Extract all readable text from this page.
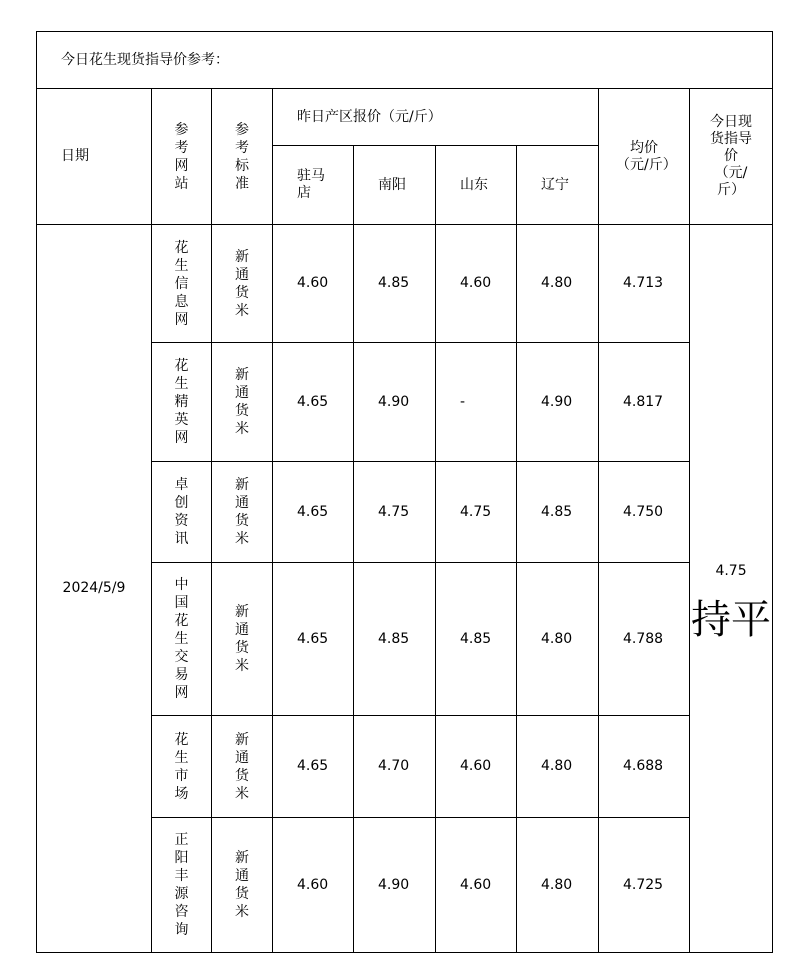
今日花生现货指导价参考：								
日期	参考网站	参考标准	昨日产区报价（元/斤）				均价（元/斤）	今日现货指导价（元/斤）
			驻马店	南阳	山东	辽宁		
2024/5/9	花生信息网	新通货米	4.60	4.85	4.60	4.80	4.713	4.75
持平

	花生精英网	新通货米	4.65	4.90	-	4.90	4.817	
	卓创资讯	新通货米	4.65	4.75	4.75	4.85	4.750	
	中国花生交易网	新通货米	4.65	4.85	4.85	4.80	4.788	
	花生市场	新通货米	4.65	4.70	4.60	4.80	4.688	
	正阳丰源咨询	新通货米	4.60	4.90	4.60	4.80	4.725	
